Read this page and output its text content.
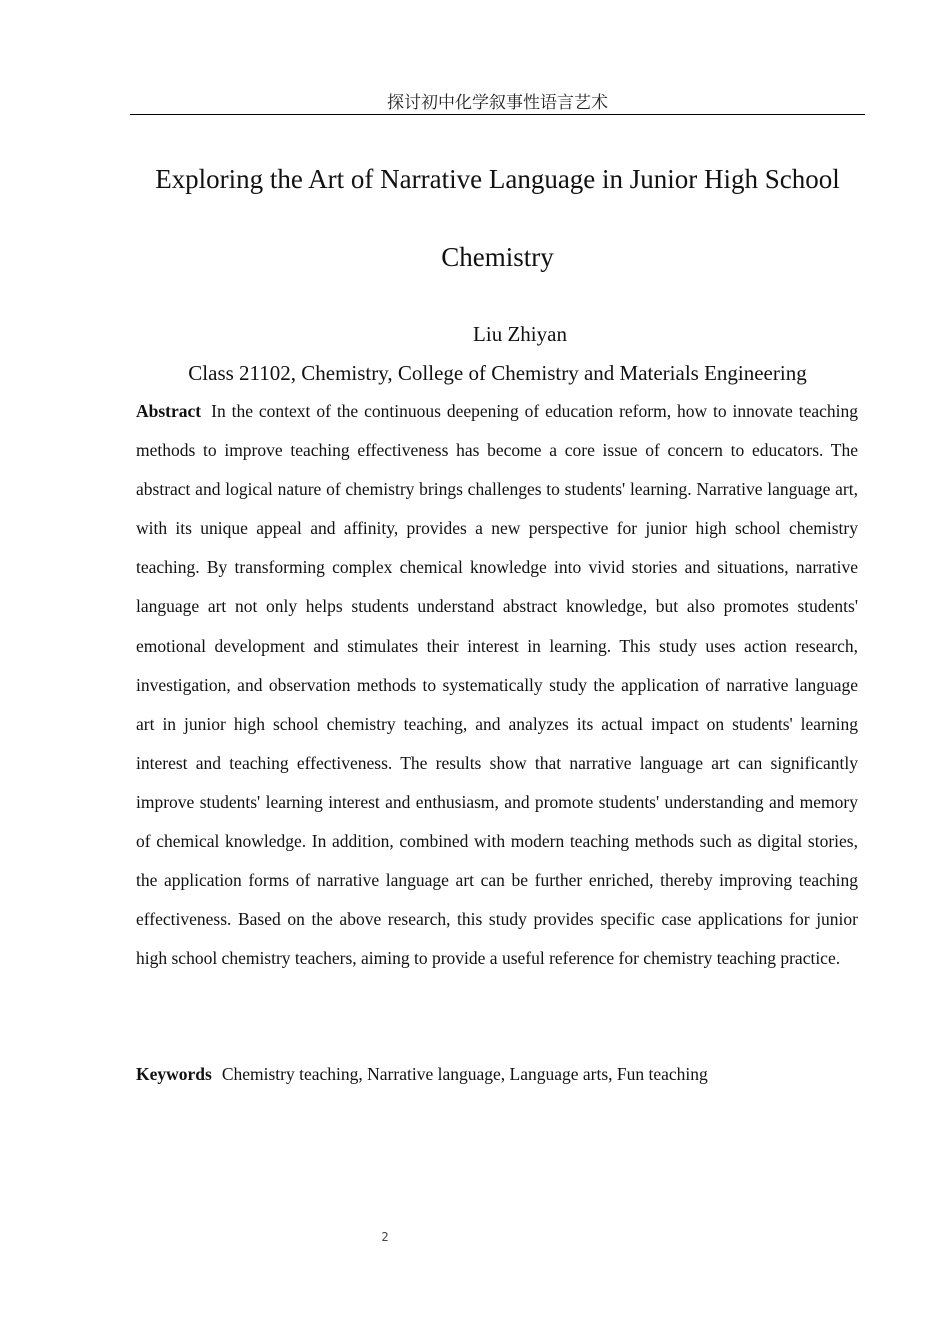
探讨初中化学叙事性语言艺术
Exploring the Art of Narrative Language in Junior High School Chemistry
Liu Zhiyan
Class 21102, Chemistry, College of Chemistry and Materials Engineering

Abstract In the context of the continuous deepening of education reform, how to innovate teaching methods to improve teaching effectiveness has become a core issue of concern to educators. The abstract and logical nature of chemistry brings challenges to students' learning. Narrative language art, with its unique appeal and affinity, provides a new perspective for junior high school chemistry teaching. By transforming complex chemical knowledge into vivid stories and situations, narrative language art not only helps students understand abstract knowledge, but also promotes students' emotional development and stimulates their interest in learning. This study uses action research, investigation, and observation methods to systematically study the application of narrative language art in junior high school chemistry teaching, and analyzes its actual impact on students' learning interest and teaching effectiveness. The results show that narrative language art can significantly improve students' learning interest and enthusiasm, and promote students' understanding and memory of chemical knowledge. In addition, combined with modern teaching methods such as digital stories, the application forms of narrative language art can be further enriched, thereby improving teaching effectiveness. Based on the above research, this study provides specific case applications for junior high school chemistry teachers, aiming to provide a useful reference for chemistry teaching practice.

Keywords Chemistry teaching, Narrative language, Language arts, Fun teaching

2
